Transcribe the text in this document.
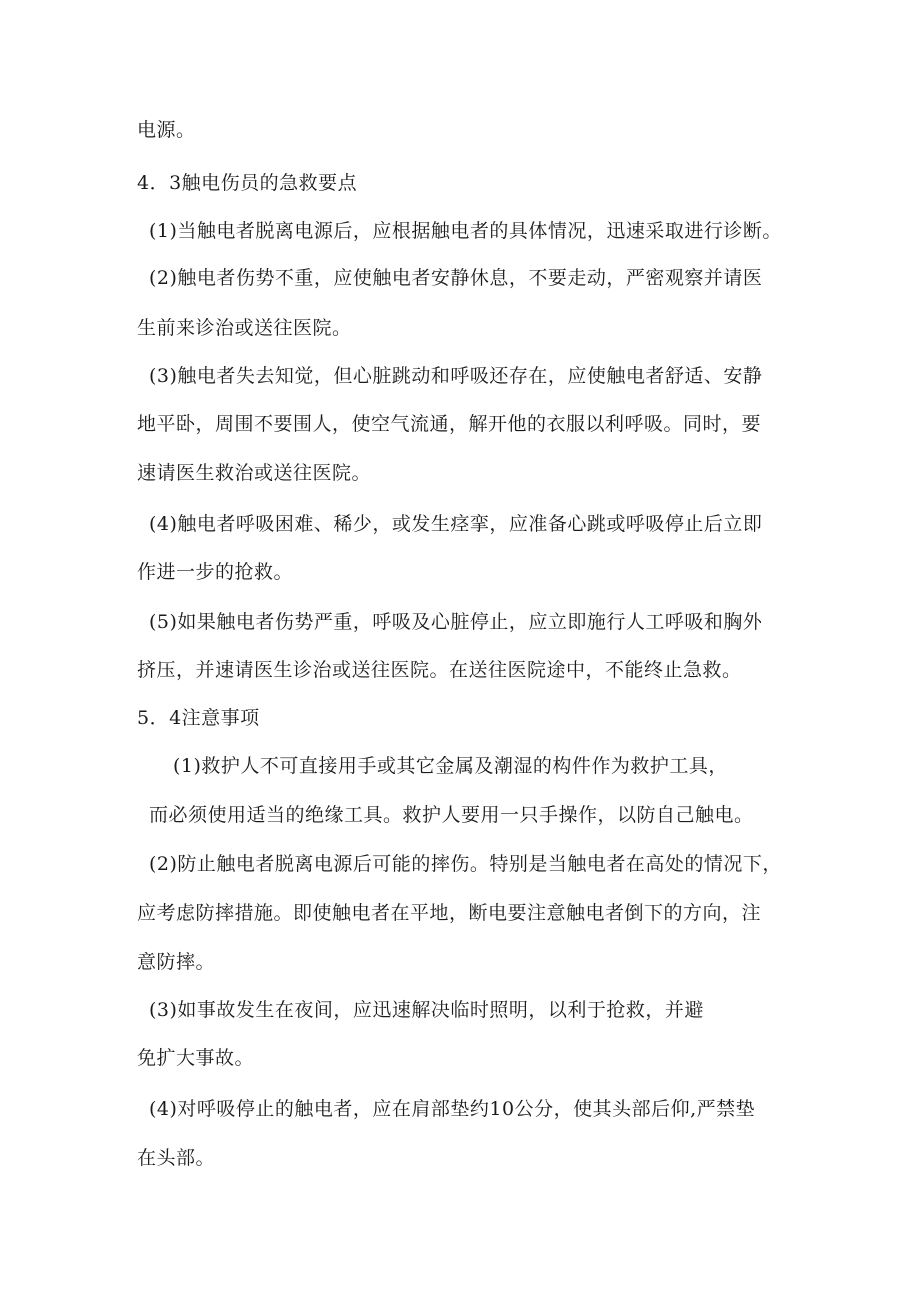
电源。
4．3触电伤员的急救要点
(1)当触电者脱离电源后，应根据触电者的具体情况，迅速采取进行诊断。
(2)触电者伤势不重，应使触电者安静休息，不要走动，严密观察并请医
生前来诊治或送往医院。
(3)触电者失去知觉，但心脏跳动和呼吸还存在，应使触电者舒适、安静
地平卧，周围不要围人，使空气流通，解开他的衣服以利呼吸。同时，要
速请医生救治或送往医院。
(4)触电者呼吸困难、稀少，或发生痉挛，应准备心跳或呼吸停止后立即
作进一步的抢救。
(5)如果触电者伤势严重，呼吸及心脏停止，应立即施行人工呼吸和胸外
挤压，并速请医生诊治或送往医院。在送往医院途中，不能终止急救。
5．4注意事项
(1)救护人不可直接用手或其它金属及潮湿的构件作为救护工具，
而必须使用适当的绝缘工具。救护人要用一只手操作，以防自己触电。
(2)防止触电者脱离电源后可能的摔伤。特别是当触电者在高处的情况下，
应考虑防摔措施。即使触电者在平地，断电要注意触电者倒下的方向，注
意防摔。
(3)如事故发生在夜间，应迅速解决临时照明，以利于抢救，并避
免扩大事故。
(4)对呼吸停止的触电者，应在肩部垫约10公分，使其头部后仰,严禁垫
在头部。
